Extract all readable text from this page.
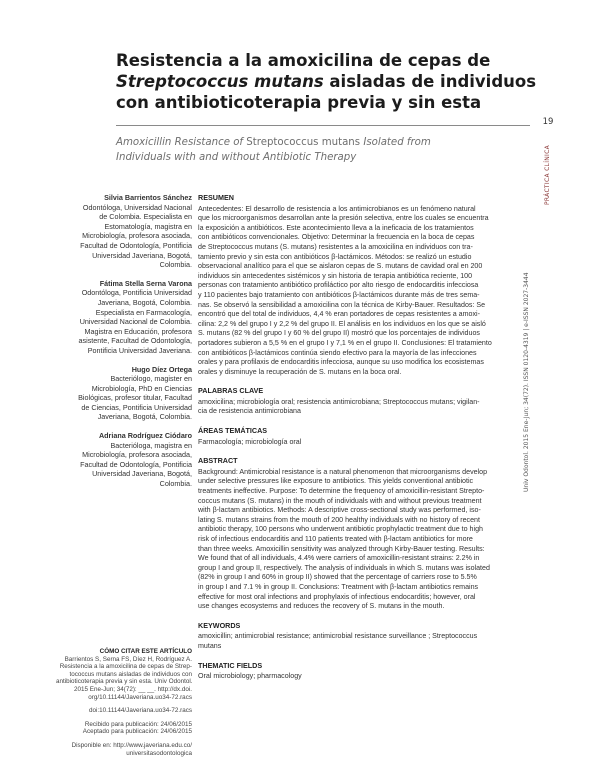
Resistencia a la amoxicilina de cepas de
Streptococcus mutans aisladas de individuos
con antibioticoterapia previa y sin esta
19
PRÁCTICA CLÍNICA
Univ Odontol. 2015 Ene-Jun; 34(72). ISSN 0120-4319 | e-ISSN 2027-3444
Amoxicillin Resistance of Streptococcus mutans Isolated from
Individuals with and without Antibiotic Therapy
Silvia Barrientos Sánchez
Odontóloga, Universidad Nacional
de Colombia. Especialista en
Estomatología, magistra en
Microbiología, profesora asociada,
Facultad de Odontología, Pontificia
Universidad Javeriana, Bogotá,
Colombia.
Fátima Stella Serna Varona
Odontóloga, Pontificia Universidad
Javeriana, Bogotá, Colombia.
Especialista en Farmacología,
Universidad Nacional de Colombia.
Magistra en Educación, profesora
asistente, Facultad de Odontología,
Pontificia Universidad Javeriana.
Hugo Díez Ortega
Bacteriólogo, magister en
Microbiología, PhD en Ciencias
Biológicas, profesor titular, Facultad
de Ciencias, Pontificia Universidad
Javeriana, Bogotá, Colombia.
Adriana Rodríguez Ciódaro
Bacterióloga, magistra en
Microbiología, profesora asociada,
Facultad de Odontología, Pontificia
Universidad Javeriana, Bogotá,
Colombia.
RESUMEN
Antecedentes: El desarrollo de resistencia a los antimicrobianos es un fenómeno natural
que los microorganismos desarrollan ante la presión selectiva, entre los cuales se encuentra
la exposición a antibióticos. Este acontecimiento lleva a la ineficacia de los tratamientos
con antibióticos convencionales. Objetivo: Determinar la frecuencia en la boca de cepas
de Streptococcus mutans (S. mutans) resistentes a la amoxicilina en individuos con tra-
tamiento previo y sin esta con antibióticos β-lactámicos. Métodos: se realizó un estudio
observacional analítico para el que se aislaron cepas de S. mutans de cavidad oral en 200
individuos sin antecedentes sistémicos y sin historia de terapia antibiótica reciente, 100
personas con tratamiento antibiótico profiláctico por alto riesgo de endocarditis infecciosa
y 110 pacientes bajo tratamiento con antibióticos β-lactámicos durante más de tres sema-
nas. Se observó la sensibilidad a amoxicilina con la técnica de Kirby-Bauer. Resultados: Se
encontró que del total de individuos, 4,4 % eran portadores de cepas resistentes a amoxi-
cilina: 2,2 % del grupo I y 2,2 % del grupo II. El análisis en los individuos en los que se aisló
S. mutans (82 % del grupo I y 60 % del grupo II) mostró que los porcentajes de individuos
portadores subieron a 5,5 % en el grupo I y 7,1 % en el grupo II. Conclusiones: El tratamiento
con antibióticos β-lactámicos continúa siendo efectivo para la mayoría de las infecciones
orales y para profilaxis de endocarditis infecciosa, aunque su uso modifica los ecosistemas
orales y disminuye la recuperación de S. mutans en la boca oral.
PALABRAS CLAVE
amoxicilina; microbiología oral; resistencia antimicrobiana; Streptococcus mutans; vigilan-
cia de resistencia antimicrobiana
ÁREAS TEMÁTICAS
Farmacología; microbiología oral
ABSTRACT
Background: Antimicrobial resistance is a natural phenomenon that microorganisms develop
under selective pressures like exposure to antibiotics. This yields conventional antibiotic
treatments ineffective. Purpose: To determine the frequency of amoxicillin-resistant Strepto-
coccus mutans (S. mutans) in the mouth of individuals with and without previous treatment
with β-lactam antibiotics. Methods: A descriptive cross-sectional study was performed, iso-
lating S. mutans strains from the mouth of 200 healthy individuals with no history of recent
antibiotic therapy, 100 persons who underwent antibiotic prophylactic treatment due to high
risk of infectious endocarditis and 110 patients treated with β-lactam antibiotics for more
than three weeks. Amoxicillin sensitivity was analyzed through Kirby-Bauer testing. Results:
We found that of all individuals, 4.4% were carriers of amoxicillin-resistant strains: 2.2% in
group I and group II, respectively. The analysis of individuals in which S. mutans was isolated
(82% in group I and 60% in group II) showed that the percentage of carriers rose to 5.5%
in group I and 7.1 % in group II. Conclusions: Treatment with β-lactam antibiotics remains
effective for most oral infections and prophylaxis of infectious endocarditis; however, oral
use changes ecosystems and reduces the recovery of S. mutans in the mouth.
KEYWORDS
amoxicillin; antimicrobial resistance; antimicrobial resistance surveillance ; Streptococcus
mutans
THEMATIC FIELDS
Oral microbiology; pharmacology
CÓMO CITAR ESTE ARTÍCULO
Barrientos S, Serna FS, Díez H, Rodríguez A.
Resistencia a la amoxicilina de cepas de Strep-
tococcus mutans aisladas de individuos con
antibioticoterapia previa y sin esta. Univ Odontol.
2015 Ene-Jun; 34(72): __ __. http://dx.doi.
org/10.11144/Javeriana.uo34-72.racs
doi:10.11144/Javeriana.uo34-72.racs
Recibido para publicación: 24/06/2015
Aceptado para publicación: 24/06/2015
Disponible en: http://www.javeriana.edu.co/
universitasodontologica
